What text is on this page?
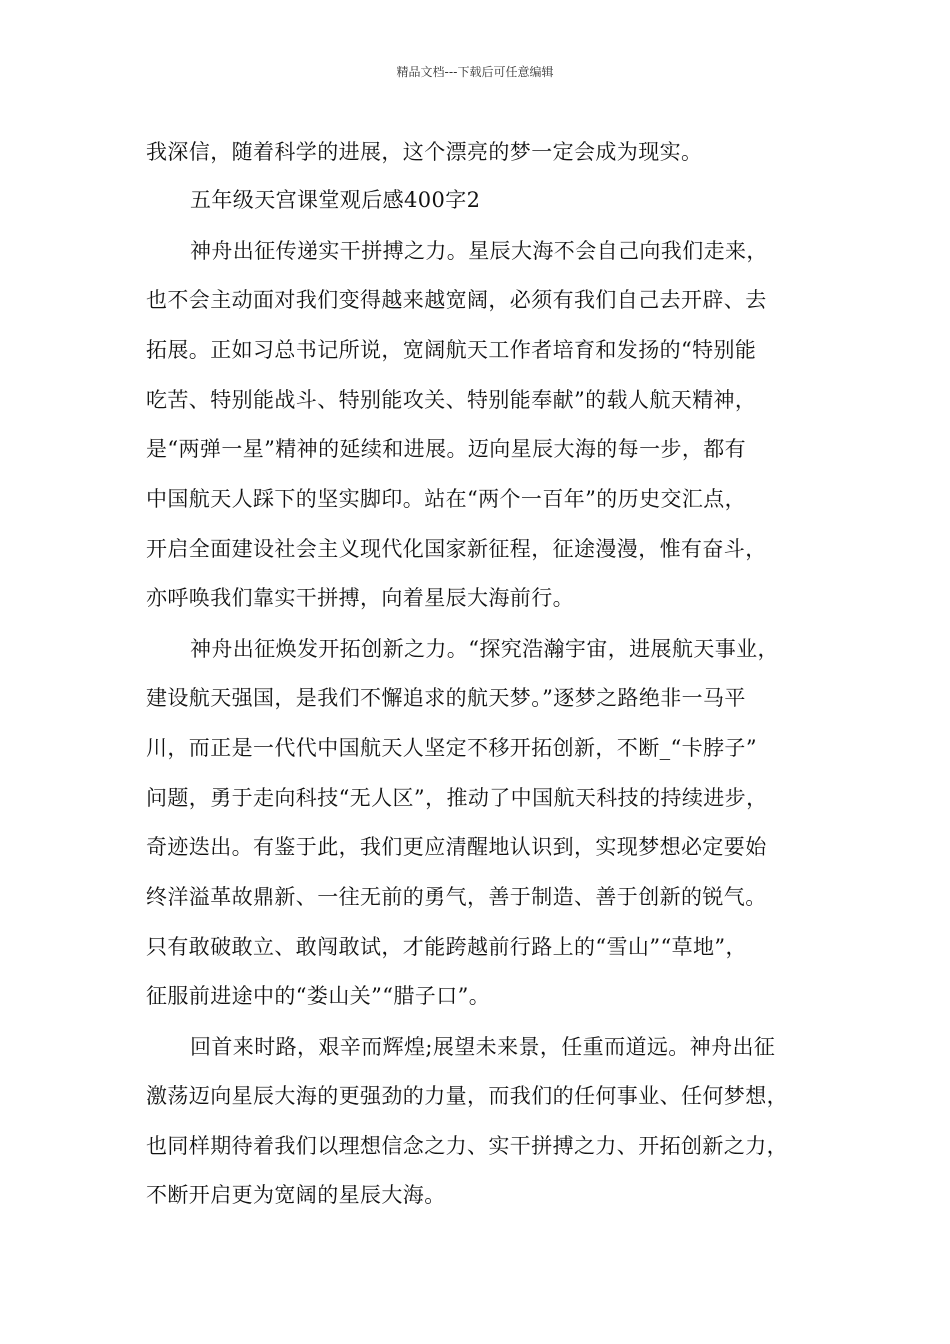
精品文档---下载后可任意编辑
我深信，随着科学的进展，这个漂亮的梦一定会成为现实。
五年级天宫课堂观后感400字2
神舟出征传递实干拼搏之力。星辰大海不会自己向我们走来，
也不会主动面对我们变得越来越宽阔，必须有我们自己去开辟、去
拓展。正如习总书记所说，宽阔航天工作者培育和发扬的“特别能
吃苦、特别能战斗、特别能攻关、特别能奉献”的载人航天精神，
是“两弹一星”精神的延续和进展。迈向星辰大海的每一步，都有
中国航天人踩下的坚实脚印。站在“两个一百年”的历史交汇点，
开启全面建设社会主义现代化国家新征程，征途漫漫，惟有奋斗，
亦呼唤我们靠实干拼搏，向着星辰大海前行。
神舟出征焕发开拓创新之力。“探究浩瀚宇宙，进展航天事业，
建设航天强国，是我们不懈追求的航天梦。”逐梦之路绝非一马平
川，而正是一代代中国航天人坚定不移开拓创新，不断_“卡脖子”
问题，勇于走向科技“无人区”，推动了中国航天科技的持续进步，
奇迹迭出。有鉴于此，我们更应清醒地认识到，实现梦想必定要始
终洋溢革故鼎新、一往无前的勇气，善于制造、善于创新的锐气。
只有敢破敢立、敢闯敢试，才能跨越前行路上的“雪山”“草地”，
征服前进途中的“娄山关”“腊子口”。
回首来时路，艰辛而辉煌;展望未来景，任重而道远。神舟出征
激荡迈向星辰大海的更强劲的力量，而我们的任何事业、任何梦想，
也同样期待着我们以理想信念之力、实干拼搏之力、开拓创新之力，
不断开启更为宽阔的星辰大海。
